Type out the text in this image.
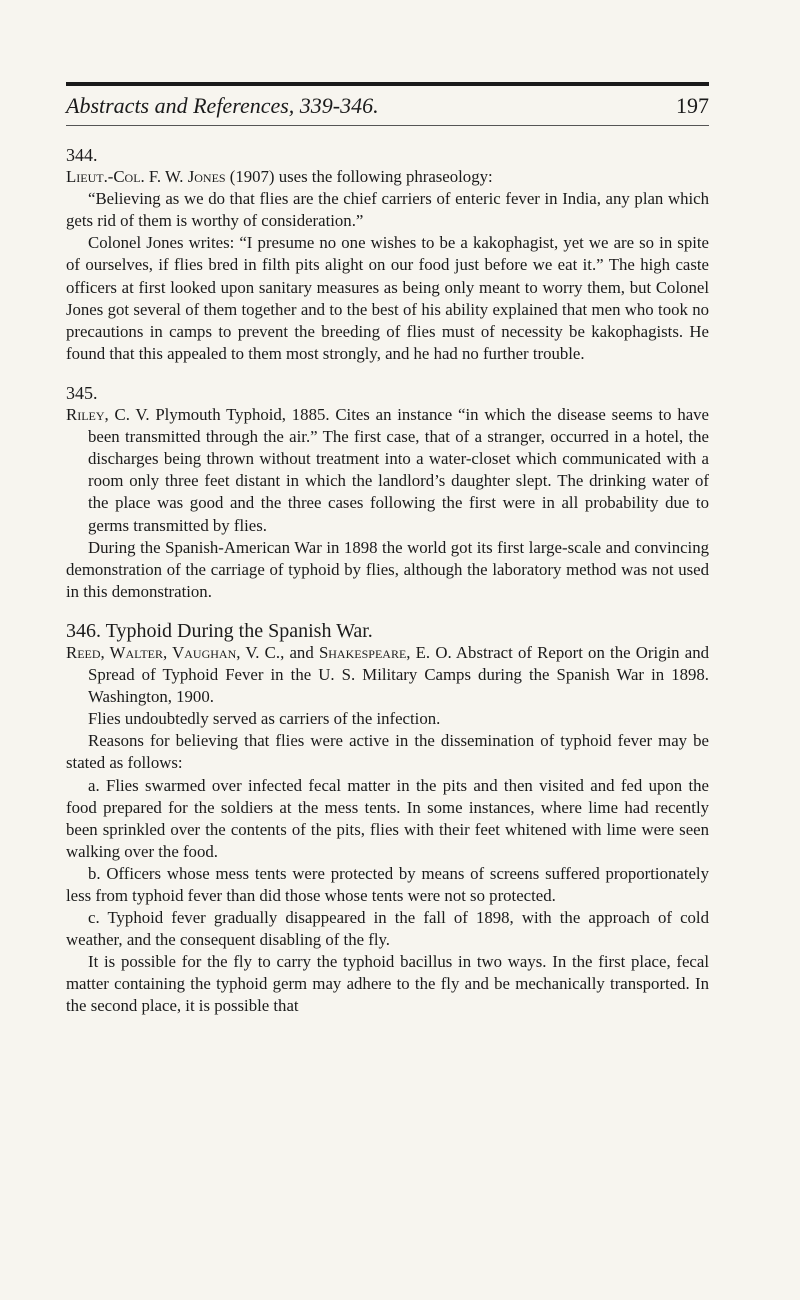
Abstracts and References, 339-346.	197

344.

Lieut.-Col. F. W. Jones (1907) uses the following phraseology:

“Believing as we do that flies are the chief carriers of enteric fever in India, any plan which gets rid of them is worthy of consideration.”

Colonel Jones writes: “I presume no one wishes to be a kakophagist, yet we are so in spite of ourselves, if flies bred in filth pits alight on our food just before we eat it.” The high caste officers at first looked upon sanitary measures as being only meant to worry them, but Colonel Jones got several of them together and to the best of his ability explained that men who took no precautions in camps to prevent the breeding of flies must of necessity be kakophagists. He found that this appealed to them most strongly, and he had no further trouble.

345.

Riley, C. V. Plymouth Typhoid, 1885. Cites an instance “in which the disease seems to have been transmitted through the air.” The first case, that of a stranger, occurred in a hotel, the discharges being thrown without treatment into a water-closet which communicated with a room only three feet distant in which the landlord’s daughter slept. The drinking water of the place was good and the three cases following the first were in all probability due to germs transmitted by flies.

During the Spanish-American War in 1898 the world got its first large-scale and convincing demonstration of the carriage of typhoid by flies, although the laboratory method was not used in this demonstration.

346. Typhoid During the Spanish War.

Reed, Walter, Vaughan, V. C., and Shakespeare, E. O. Abstract of Report on the Origin and Spread of Typhoid Fever in the U. S. Military Camps during the Spanish War in 1898. Washington, 1900.

Flies undoubtedly served as carriers of the infection.

Reasons for believing that flies were active in the dissemination of typhoid fever may be stated as follows:

a. Flies swarmed over infected fecal matter in the pits and then visited and fed upon the food prepared for the soldiers at the mess tents. In some instances, where lime had recently been sprinkled over the contents of the pits, flies with their feet whitened with lime were seen walking over the food.

b. Officers whose mess tents were protected by means of screens suffered proportionately less from typhoid fever than did those whose tents were not so protected.

c. Typhoid fever gradually disappeared in the fall of 1898, with the approach of cold weather, and the consequent disabling of the fly.

It is possible for the fly to carry the typhoid bacillus in two ways. In the first place, fecal matter containing the typhoid germ may adhere to the fly and be mechanically transported. In the second place, it is possible that
